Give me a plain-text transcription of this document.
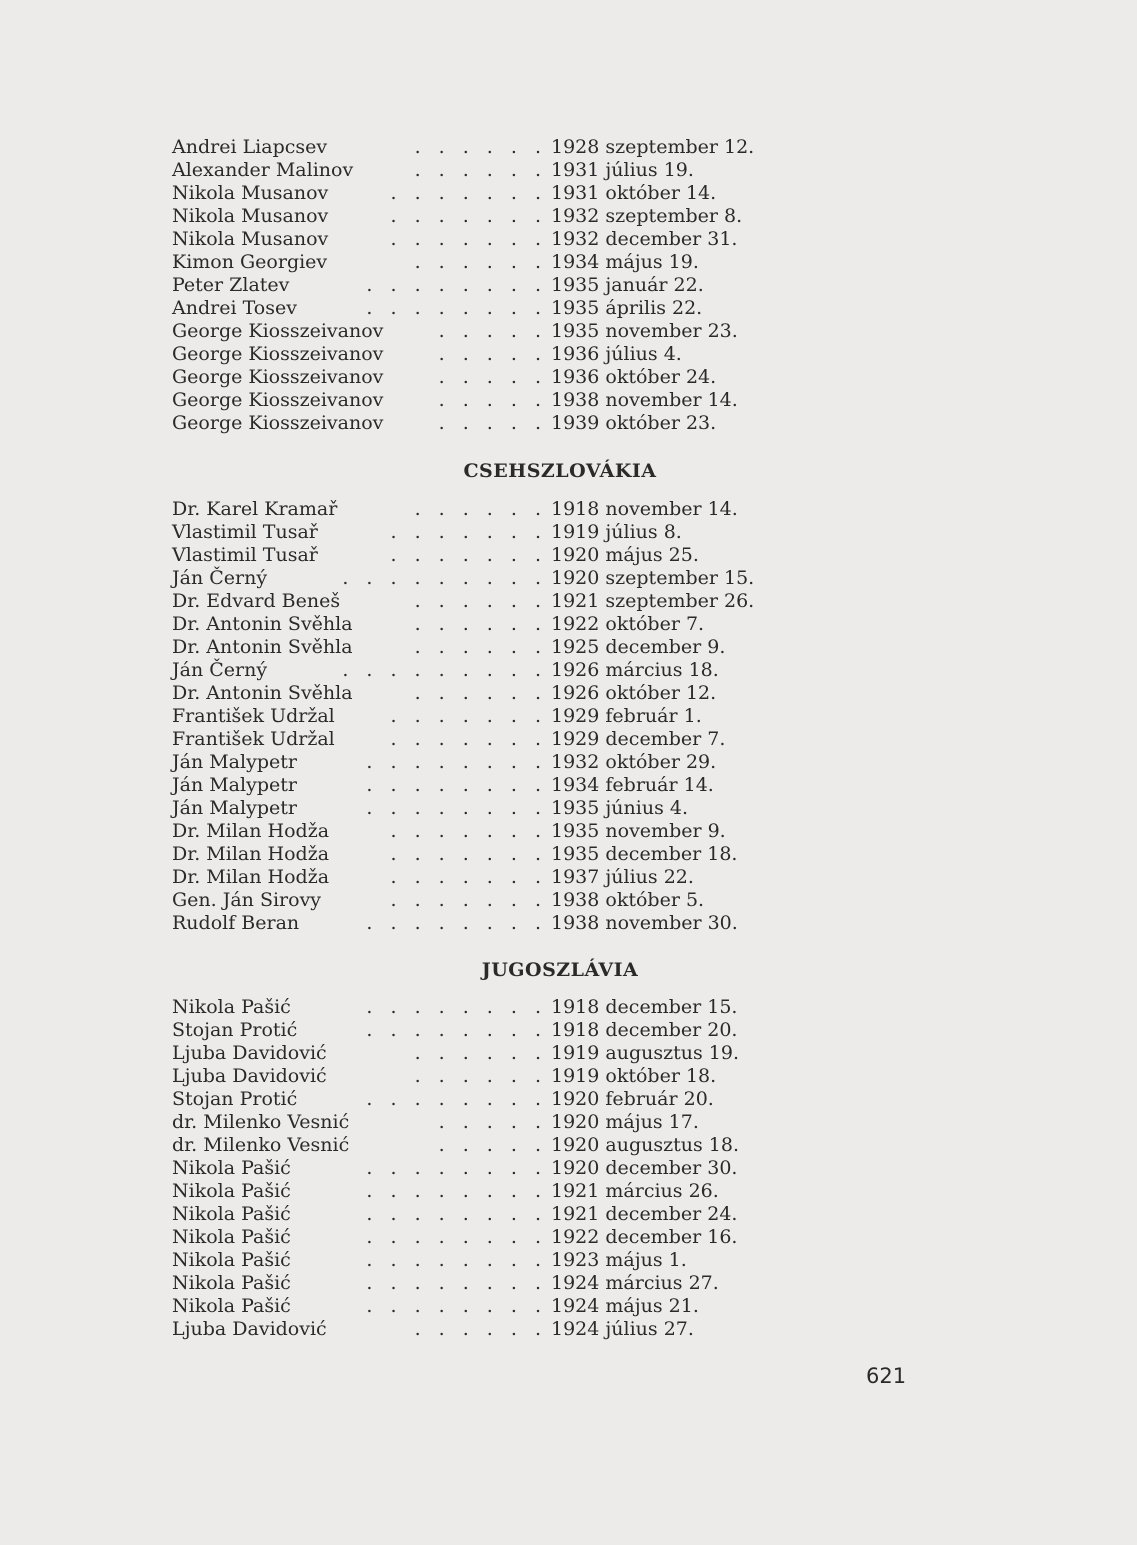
Andrei Liapcsev	. . . . . . 1928 szeptember 12.
Alexander Malinov	. . . . . . 1931 július 19.
Nikola Musanov	. . . . . . . 1931 október 14.
Nikola Musanov	. . . . . . . 1932 szeptember 8.
Nikola Musanov	. . . . . . . 1932 december 31.
Kimon Georgiev	. . . . . . 1934 május 19.
Peter Zlatev	. . . . . . . . 1935 január 22.
Andrei Tosev	. . . . . . . . 1935 április 22.
George Kiosszeivanov	. . . . . 1935 november 23.
George Kiosszeivanov	. . . . . 1936 július 4.
George Kiosszeivanov	. . . . . 1936 október 24.
George Kiosszeivanov	. . . . . 1938 november 14.
George Kiosszeivanov	. . . . . 1939 október 23.
CSEHSZLOVÁKIA
Dr. Karel Kramař	. . . . . . 1918 november 14.
Vlastimil Tusař	. . . . . . . 1919 július 8.
Vlastimil Tusař	. . . . . . . 1920 május 25.
Ján Černý	. . . . . . . . . 1920 szeptember 15.
Dr. Edvard Beneš	. . . . . . 1921 szeptember 26.
Dr. Antonin Svěhla	. . . . . . 1922 október 7.
Dr. Antonin Svěhla	. . . . . . 1925 december 9.
Ján Černý	. . . . . . . . . 1926 március 18.
Dr. Antonin Svěhla	. . . . . . 1926 október 12.
František Udržal	. . . . . . . 1929 február 1.
František Udržal	. . . . . . . 1929 december 7.
Ján Malypetr	. . . . . . . . 1932 október 29.
Ján Malypetr	. . . . . . . . 1934 február 14.
Ján Malypetr	. . . . . . . . 1935 június 4.
Dr. Milan Hodža	. . . . . . . 1935 november 9.
Dr. Milan Hodža	. . . . . . . 1935 december 18.
Dr. Milan Hodža	. . . . . . . 1937 július 22.
Gen. Ján Sirovy	. . . . . . . 1938 október 5.
Rudolf Beran	. . . . . . . . 1938 november 30.
JUGOSZLÁVIA
Nikola Pašić	. . . . . . . . 1918 december 15.
Stojan Protić	. . . . . . . . 1918 december 20.
Ljuba Davidović	. . . . . . 1919 augusztus 19.
Ljuba Davidović	. . . . . . 1919 október 18.
Stojan Protić	. . . . . . . . 1920 február 20.
dr. Milenko Vesnić	. . . . . 1920 május 17.
dr. Milenko Vesnić	. . . . . 1920 augusztus 18.
Nikola Pašić	. . . . . . . . 1920 december 30.
Nikola Pašić	. . . . . . . . 1921 március 26.
Nikola Pašić	. . . . . . . . 1921 december 24.
Nikola Pašić	. . . . . . . . 1922 december 16.
Nikola Pašić	. . . . . . . . 1923 május 1.
Nikola Pašić	. . . . . . . . 1924 március 27.
Nikola Pašić	. . . . . . . . 1924 május 21.
Ljuba Davidović	. . . . . . 1924 július 27.
621
